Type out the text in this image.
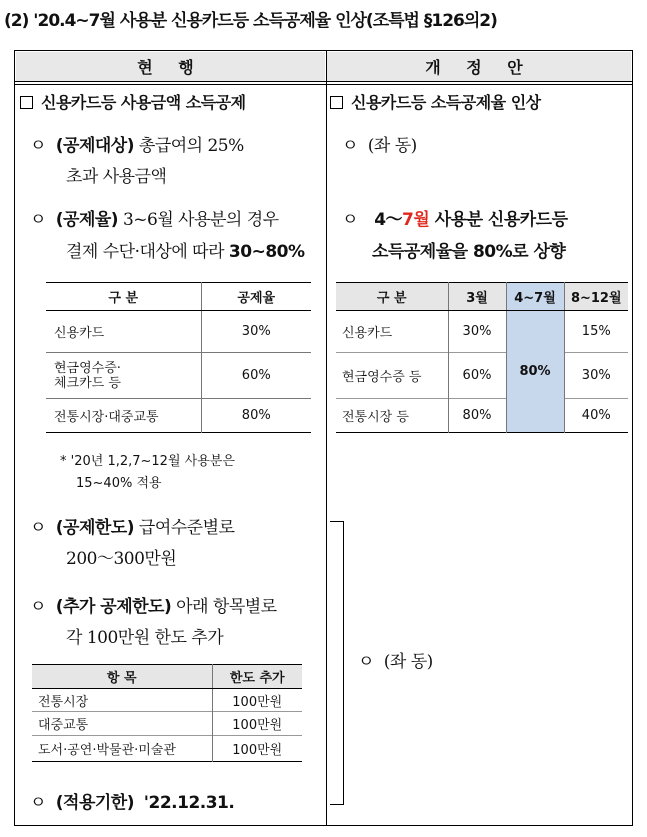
(2) '20.4~7월 사용분 신용카드등 소득공제율 인상(조특법 §126의2)
현 행	개 정 안
신용카드등 사용금액 소득공제
ㅇ (공제대상) 총급여의 25%
초과 사용금액
ㅇ (공제율) 3~6월 사용분의 경우
결제 수단·대상에 따라 30~80%
구 분	공제율
신용카드	30%

현금영수증·
체크카드 등	60%
전통시장·대중교통	80%
* '20년 1,2,7~12월 사용분은
15~40% 적용
ㅇ (공제한도) 급여수준별로
200～300만원
ㅇ (추가 공제한도) 아래 항목별로
각 100만원 한도 추가
항 목	한도 추가
전통시장	100만원
대중교통	100만원
도서·공연·박물관·미술관	100만원
ㅇ (적용기한) '22.12.31.
신용카드등 소득공제율 인상
ㅇ (좌 동)
ㅇ 4～7월 사용분 신용카드등
소득공제율을 80%로 상향
구 분	3월	4~7월	8~12월
신용카드	30%	80%	15%
현금영수증 등	60%		30%
전통시장 등	80%		40%
ㅇ (좌 동)
